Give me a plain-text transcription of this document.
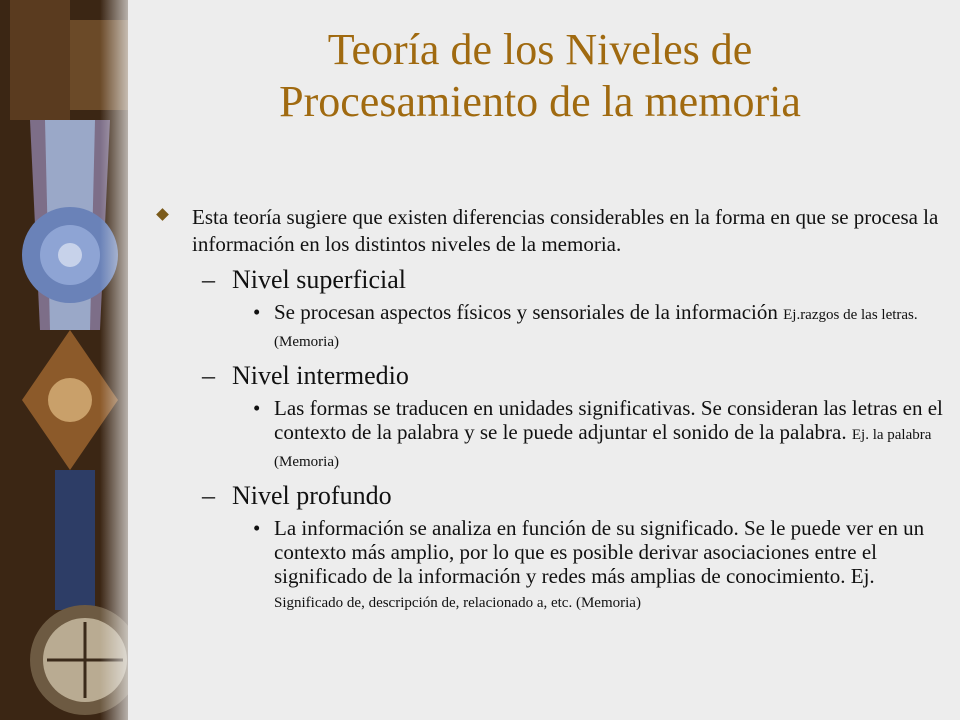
Teoría de los Niveles de
Procesamiento de la memoria

Esta teoría sugiere que existen diferencias considerables en la forma en que se procesa la información en los distintos niveles de la memoria.

– Nivel superficial
• Se procesan aspectos físicos y sensoriales de la información Ej.razgos de las letras. (Memoria)
– Nivel intermedio
• Las formas se traducen en unidades significativas. Se consideran las letras en el contexto de la palabra y se le puede adjuntar el sonido de la palabra. Ej. la palabra (Memoria)
– Nivel profundo
• La información se analiza en función de su significado. Se le puede ver en un contexto más amplio, por lo que es posible derivar asociaciones entre el significado de la información y redes más amplias de conocimiento. Ej. Significado de, descripción de, relacionado a, etc. (Memoria)
